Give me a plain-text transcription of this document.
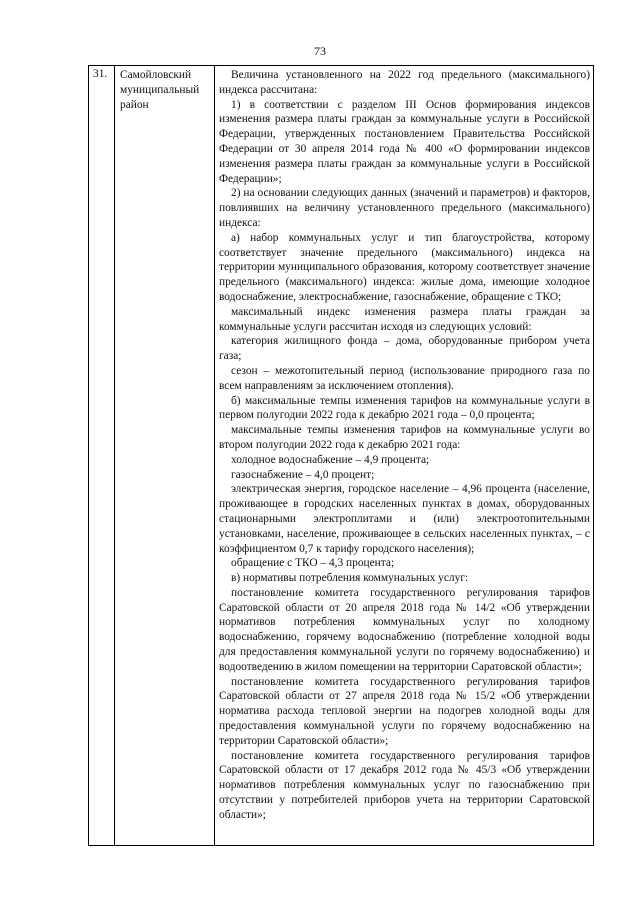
73
31. Самойловский муниципальный район

Величина установленного на 2022 год предельного (максимального) индекса рассчитана:

1) в соответствии с разделом III Основ формирования индексов изменения размера платы граждан за коммунальные услуги в Российской Федерации, утвержденных постановлением Правительства Российской Федерации от 30 апреля 2014 года № 400 «О формировании индексов изменения размера платы граждан за коммунальные услуги в Российской Федерации»;

2) на основании следующих данных (значений и параметров) и факторов, повлиявших на величину установленного предельного (максимального) индекса:

а) набор коммунальных услуг и тип благоустройства, которому соответствует значение предельного (максимального) индекса на территории муниципального образования, которому соответствует значение предельного (максимального) индекса: жилые дома, имеющие холодное водоснабжение, электроснабжение, газоснабжение, обращение с ТКО;

максимальный индекс изменения размера платы граждан за коммунальные услуги рассчитан исходя из следующих условий:

категория жилищного фонда – дома, оборудованные прибором учета газа;

сезон – межотопительный период (использование природного газа по всем направлениям за исключением отопления).

б) максимальные темпы изменения тарифов на коммунальные услуги в первом полугодии 2022 года к декабрю 2021 года – 0,0 процента;

максимальные темпы изменения тарифов на коммунальные услуги во втором полугодии 2022 года к декабрю 2021 года:

холодное водоснабжение – 4,9 процента;

газоснабжение – 4,0 процент;

электрическая энергия, городское население – 4,96 процента (население, проживающее в городских населенных пунктах в домах, оборудованных стационарными электроплитами и (или) электроотопительными установками, население, проживающее в сельских населенных пунктах, – с коэффициентом 0,7 к тарифу городского населения);

обращение с ТКО – 4,3 процента;

в) нормативы потребления коммунальных услуг:

постановление комитета государственного регулирования тарифов Саратовской области от 20 апреля 2018 года № 14/2 «Об утверждении нормативов потребления коммунальных услуг по холодному водоснабжению, горячему водоснабжению (потребление холодной воды для предоставления коммунальной услуги по горячему водоснабжению) и водоотведению в жилом помещении на территории Саратовской области»;

постановление комитета государственного регулирования тарифов Саратовской области от 27 апреля 2018 года № 15/2 «Об утверждении норматива расхода тепловой энергии на подогрев холодной воды для предоставления коммунальной услуги по горячему водоснабжению на территории Саратовской области»;

постановление комитета государственного регулирования тарифов Саратовской области от 17 декабря 2012 года № 45/3 «Об утверждении нормативов потребления коммунальных услуг по газоснабжению при отсутствии у потребителей приборов учета на территории Саратовской области»;
